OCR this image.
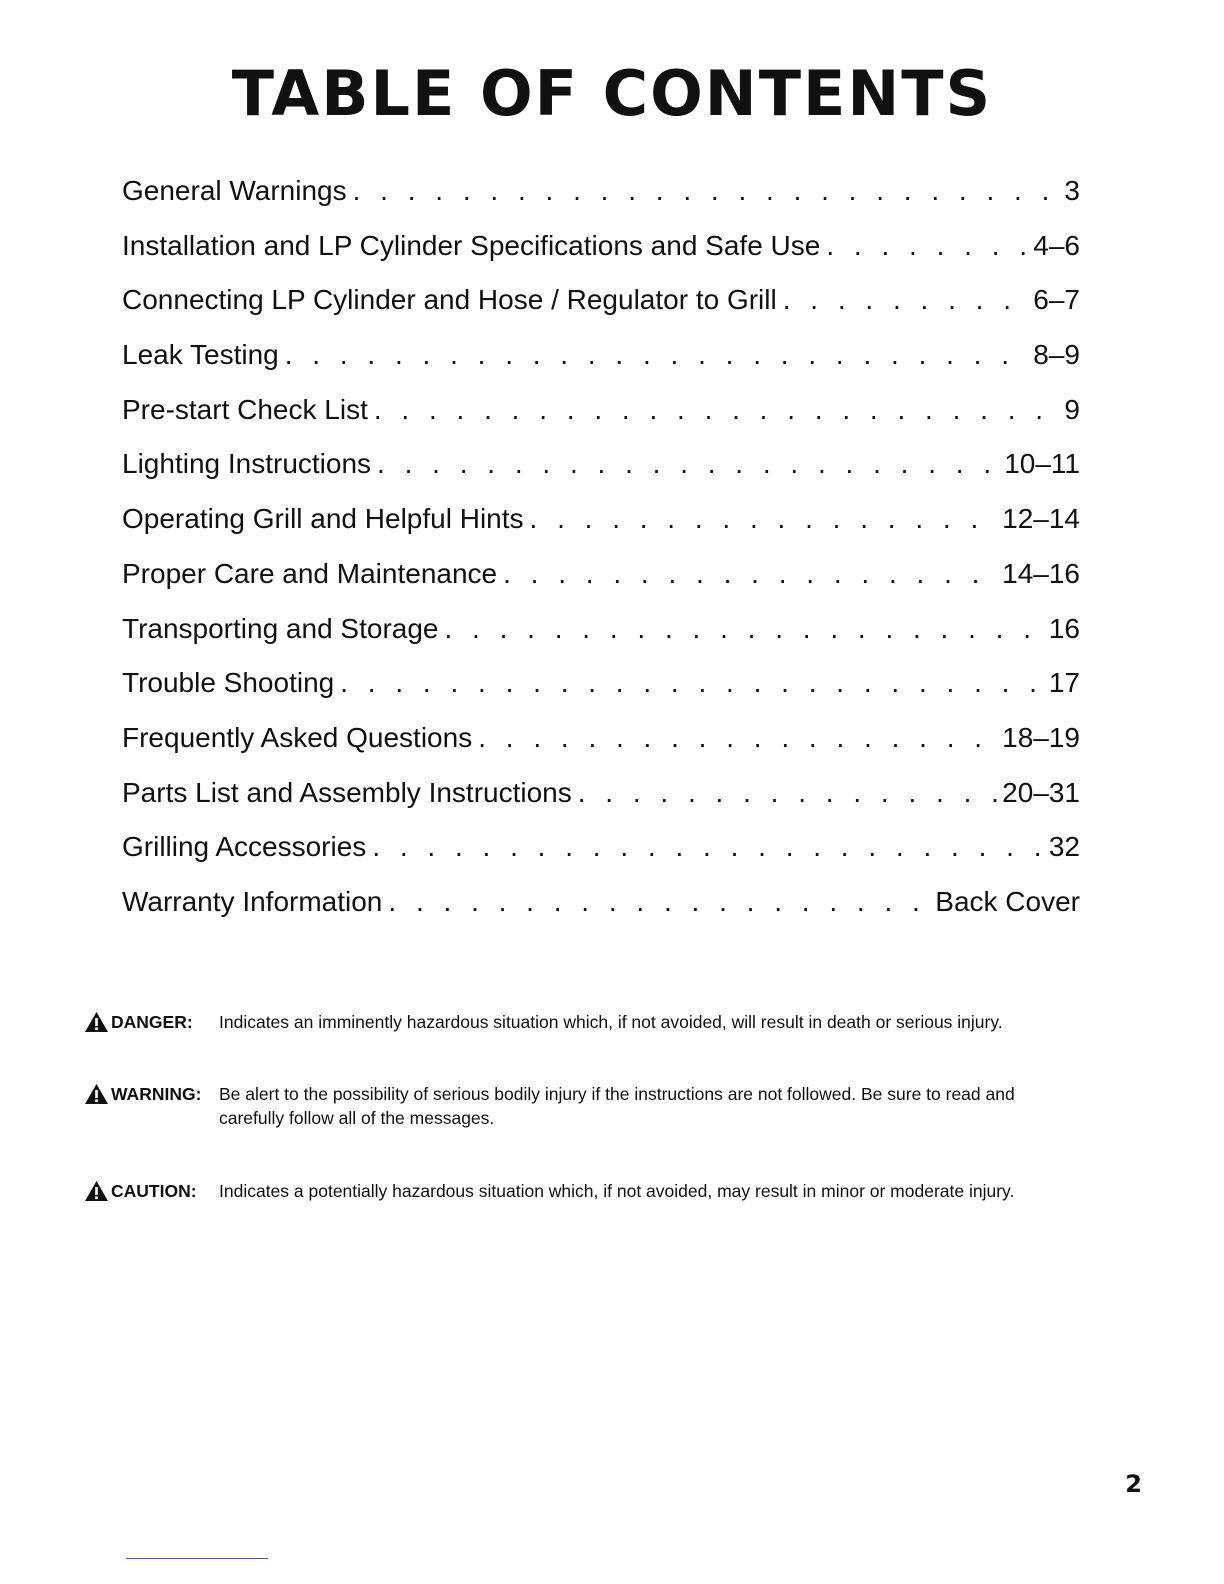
TABLE OF CONTENTS
General Warnings . . .	3
Installation and LP Cylinder Specifications and Safe Use . . .	4–6
Connecting LP Cylinder and Hose / Regulator to Grill . . .	6–7
Leak Testing . . .	8–9
Pre-start Check List . . .	9
Lighting Instructions . . .	10–11
Operating Grill and Helpful Hints . . .	12–14
Proper Care and Maintenance . . .	14–16
Transporting and Storage . . .	16
Trouble Shooting . . .	17
Frequently Asked Questions . . .	18–19
Parts List and Assembly Instructions . . .	20–31
Grilling Accessories . . .	32
Warranty Information . . .	Back Cover
DANGER: Indicates an imminently hazardous situation which, if not avoided, will result in death or serious injury.
WARNING: Be alert to the possibility of serious bodily injury if the instructions are not followed. Be sure to read and carefully follow all of the messages.
CAUTION: Indicates a potentially hazardous situation which, if not avoided, may result in minor or moderate injury.
2
